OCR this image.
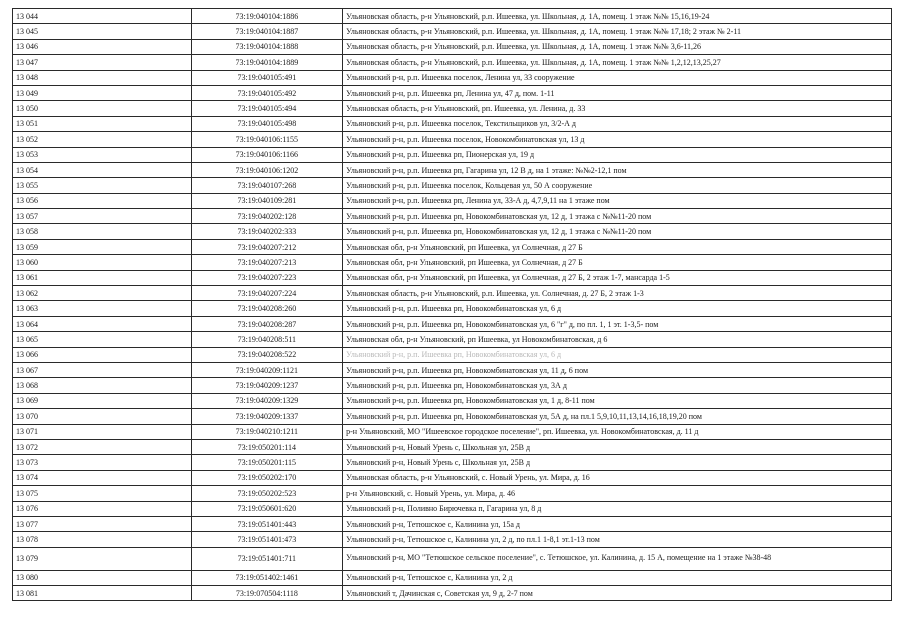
13 044	73:19:040104:1886	Ульяновская область, р-н Ульяновский, р.п. Ишеевка, ул. Школьная, д. 1А, помещ. 1 этаж №№ 15,16,19-24
13 045	73:19:040104:1887	Ульяновская область, р-н Ульяновский, р.п. Ишеевка, ул. Школьная, д. 1А, помещ. 1 этаж №№ 17,18; 2 этаж № 2-11
13 046	73:19:040104:1888	Ульяновская область, р-н Ульяновский, р.п. Ишеевка, ул. Школьная, д. 1А, помещ. 1 этаж №№ 3,6-11,26
13 047	73:19:040104:1889	Ульяновская область, р-н Ульяновский, р.п. Ишеевка, ул. Школьная, д. 1А, помещ. 1 этаж №№ 1,2,12,13,25,27
13 048	73:19:040105:491	Ульяновский р-н, р.п. Ишеевка поселок, Ленина ул, 33 сооружение
13 049	73:19:040105:492	Ульяновский р-н, р.п. Ишеевка рп, Ленина ул, 47 д, пом. 1-11
13 050	73:19:040105:494	Ульяновская область, р-н Ульяновский, рп. Ишеевка, ул. Ленина, д. 33
13 051	73:19:040105:498	Ульяновский р-н, р.п. Ишеевка поселок, Текстильщиков ул, 3/2-А д
13 052	73:19:040106:1155	Ульяновский р-н, р.п. Ишеевка поселок, Новокомбинатовская ул, 13 д
13 053	73:19:040106:1166	Ульяновский р-н, р.п. Ишеевка рп, Пионерская ул, 19 д
13 054	73:19:040106:1202	Ульяновский р-н, р.п. Ишеевка рп, Гагарина ул, 12 В д, на 1 этаже: №№2-12,1 пом
13 055	73:19:040107:268	Ульяновский р-н, р.п. Ишеевка поселок, Кольцевая ул, 50 А сооружение
13 056	73:19:040109:281	Ульяновский р-н, р.п. Ишеевка рп, Ленина ул, 33-А д, 4,7,9,11 на 1 этаже пом
13 057	73:19:040202:128	Ульяновский р-н, р.п. Ишеевка рп, Новокомбинатовская ул, 12 д, 1 этажа с №№11-20 пом
13 058	73:19:040202:333	Ульяновский р-н, р.п. Ишеевка рп, Новокомбинатовская ул, 12 д, 1 этажа с №№11-20 пом
13 059	73:19:040207:212	Ульяновская обл, р-н Ульяновский, рп Ишеевка, ул Солнечная, д 27 Б
13 060	73:19:040207:213	Ульяновская обл, р-н Ульяновский, рп Ишеевка, ул Солнечная, д 27 Б
13 061	73:19:040207:223	Ульяновская обл, р-н Ульяновский, рп Ишеевка, ул Солнечная, д 27 Б, 2 этаж 1-7, мансарда 1-5
13 062	73:19:040207:224	Ульяновская область, р-н Ульяновский, р.п. Ишеевка, ул. Солнечная, д. 27 Б, 2 этаж 1-3
13 063	73:19:040208:260	Ульяновский р-н, р.п. Ишеевка рп, Новокомбинатовская ул, 6 д
13 064	73:19:040208:287	Ульяновский р-н, р.п. Ишеевка рп, Новокомбинатовская ул, 6 "г" д, по пл. 1, 1 эт. 1-3,5- пом
13 065	73:19:040208:511	Ульяновская обл, р-н Ульяновский, рп Ишеевка, ул Новокомбинатовская, д 6
13 066	73:19:040208:522	Ульяновский р-н, р.п. Ишеевка рп, Новокомбинатовская ул, 6 д
13 067	73:19:040209:1121	Ульяновский р-н, р.п. Ишеевка рп, Новокомбинатовская ул, 11 д, 6 пом
13 068	73:19:040209:1237	Ульяновский р-н, р.п. Ишеевка рп, Новокомбинатовская ул, 3А д
13 069	73:19:040209:1329	Ульяновский р-н, р.п. Ишеевка рп, Новокомбинатовская ул, 1 д, 8-11 пом
13 070	73:19:040209:1337	Ульяновский р-н, р.п. Ишеевка рп, Новокомбинатовская ул, 5А д, на пл.1 5,9,10,11,13,14,16,18,19,20 пом
13 071	73:19:040210:1211	р-н Ульяновский, МО "Ишеевское городское поселение", рп. Ишеевка, ул. Новокомбинатовская, д. 11 д
13 072	73:19:050201:114	Ульяновский р-н, Новый Урень с, Школьная ул, 25В д
13 073	73:19:050201:115	Ульяновский р-н, Новый Урень с, Школьная ул, 25В д
13 074	73:19:050202:170	Ульяновская область, р-н Ульяновский, с. Новый Урень, ул. Мира, д. 16
13 075	73:19:050202:523	р-н Ульяновский, с. Новый Урень, ул. Мира, д. 46
13 076	73:19:050601:620	Ульяновский р-н, Поливно Бирючевка п, Гагарина ул, 8 д
13 077	73:19:051401:443	Ульяновский р-н, Тетюшское с, Калинина ул, 15а д
13 078	73:19:051401:473	Ульяновский р-н, Тетюшское с, Калинина ул, 2 д, по пл.1 1-8,1 эт.1-13 пом
13 079	73:19:051401:711	Ульяновский р-н, МО "Тетюшское сельское поселение", с. Тетюшское, ул. Калинина, д. 15 А, помещение на 1 этаже №38-48
13 080	73:19:051402:1461	Ульяновский р-н, Тетюшское с, Калинина ул, 2 д
13 081	73:19:070504:1118	Ульяновский т, Дачинская с, Советская ул, 9 д, 2-7 пом
